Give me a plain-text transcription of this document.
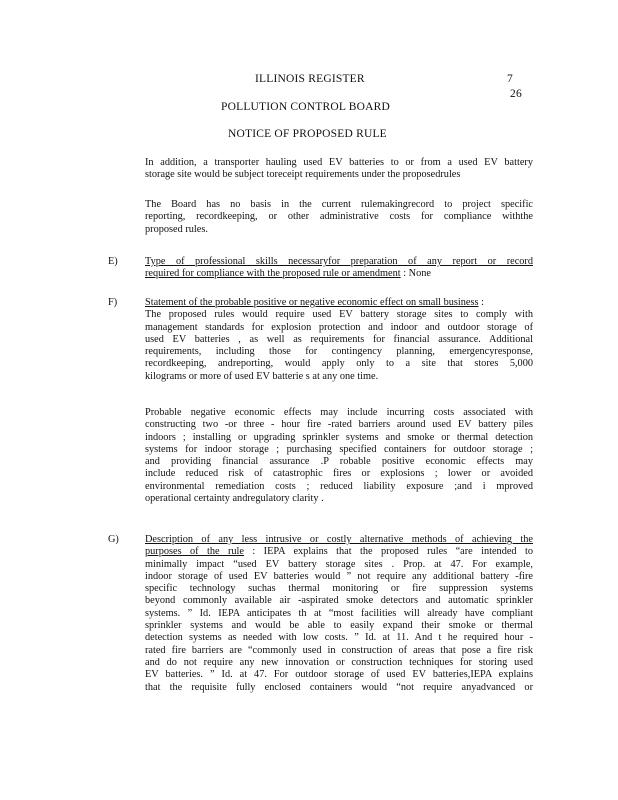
ILLINOIS REGISTER	7
26
POLLUTION CONTROL BOARD
NOTICE OF PROPOSED RULE
In addition, a transporter hauling used EV batteries to or from a used EV battery
storage site would be subject toreceipt requirements under the proposedrules
The Board has no basis in the current rulemakingrecord to project specific
reporting, recordkeeping, or other administrative costs for compliance withthe
proposed rules.
E)	Type of professional skills necessaryfor preparation of any report or record
required for compliance with the proposed rule or amendment : None
F)	Statement of the probable positive or negative economic effect on small business :
The proposed rules would require used EV battery storage sites to comply with
management standards for explosion protection and indoor and outdoor storage of
used EV batteries , as well as requirements for financial assurance. Additional
requirements, including those for contingency planning, emergencyresponse,
recordkeeping, andreporting, would apply only to a site that stores 5,000
kilograms or more of used EV batterie s at any one time.
Probable negative economic effects may include incurring costs associated with
constructing two -or three - hour fire -rated barriers around used EV battery piles
indoors ; installing or upgrading sprinkler systems and smoke or thermal detection
systems for indoor storage ; purchasing specified containers for outdoor storage ;
and providing financial assurance .P robable positive economic effects may
include reduced risk of catastrophic fires or explosions ; lower or avoided
environmental remediation costs ; reduced liability exposure ;and i mproved
operational certainty andregulatory clarity .
G)	Description of any less intrusive or costly alternative methods of achieving the
purposes of the rule : IEPA explains that the proposed rules “are intended to
minimally impact “used EV battery storage sites . Prop. at 47. For example,
indoor storage of used EV batteries would ” not require any additional battery -fire
specific technology suchas thermal monitoring or fire suppression systems
beyond commonly available air -aspirated smoke detectors and automatic sprinkler
systems. ” Id. IEPA anticipates th at “most facilities will already have compliant
sprinkler systems and would be able to easily expand their smoke or thermal
detection systems as needed with low costs. ” Id. at 11. And t he required hour -
rated fire barriers are “commonly used in construction of areas that pose a fire risk
and do not require any new innovation or construction techniques for storing used
EV batteries. ” Id. at 47. For outdoor storage of used EV batteries,IEPA explains
that the requisite fully enclosed containers would “not require anyadvanced or
